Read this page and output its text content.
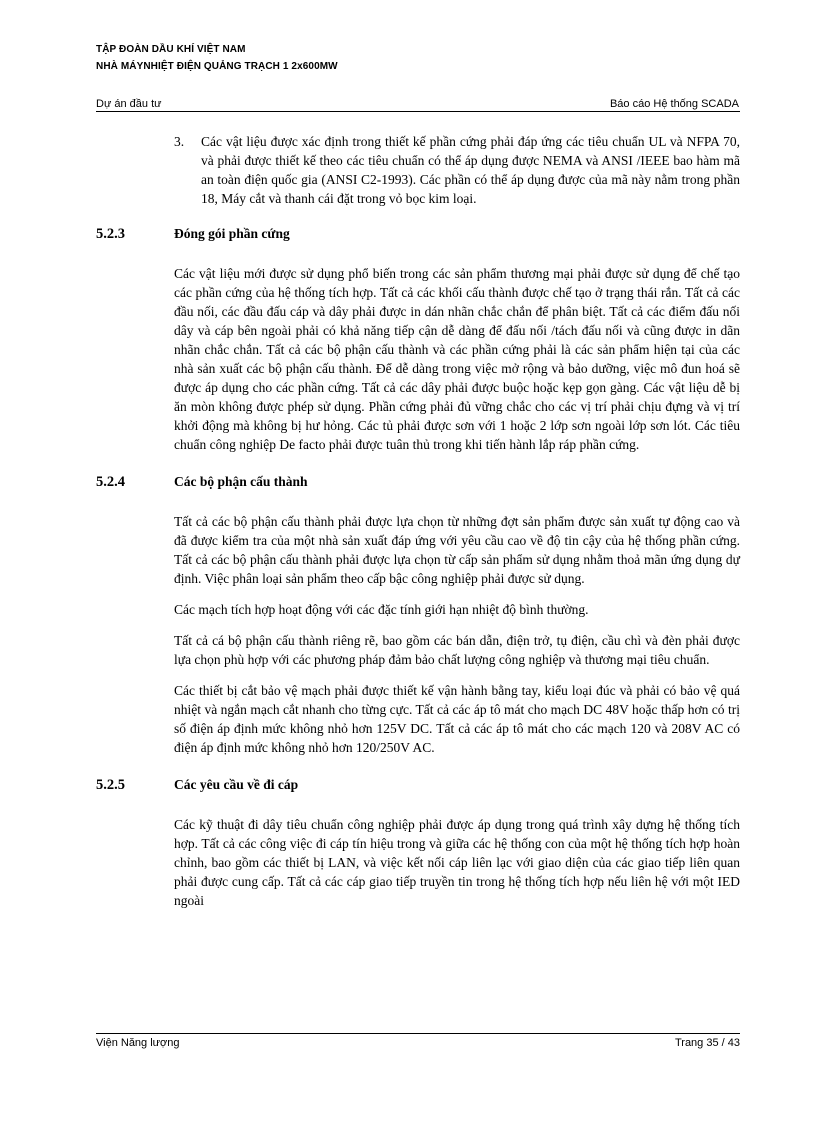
TẬP ĐOÀN DẦU KHÍ VIỆT NAM
NHÀ MÁYNHIỆT ĐIỆN QUẢNG TRẠCH 1 2x600MW
Dự án đầu tư	Báo cáo Hệ thống SCADA
3. Các vật liệu được xác định trong thiết kế phần cứng phải đáp ứng các tiêu chuẩn UL và NFPA 70, và phải được thiết kế theo các tiêu chuẩn có thể áp dụng được NEMA và ANSI /IEEE bao hàm mã an toàn điện quốc gia (ANSI C2-1993). Các phần có thể áp dụng được của mã này nằm trong phần 18, Máy cắt và thanh cái đặt trong vỏ bọc kim loại.
5.2.3	Đóng gói phần cứng

Các vật liệu mới được sử dụng phổ biến trong các sản phẩm thương mại phải được sử dụng để chế tạo các phần cứng của hệ thống tích hợp. Tất cả các khối cấu thành được chế tạo ở trạng thái rắn. Tất cả các đầu nối, các đầu đấu cáp và dây phải được in dán nhãn chắc chắn để phân biệt. Tất cả các điểm đấu nối dây và cáp bên ngoài phải có khả năng tiếp cận dễ dàng để đấu nối /tách đấu nối và cũng được in dãn nhãn chắc chắn. Tất cả các bộ phận cấu thành và các phần cứng phải là các sản phẩm hiện tại của các nhà sản xuất các bộ phận cấu thành. Để dễ dàng trong việc mở rộng và bảo dưỡng, việc mô đun hoá sẽ được áp dụng cho các phần cứng. Tất cả các dây phải được buộc hoặc kẹp gọn gàng. Các vật liệu dễ bị ăn mòn không được phép sử dụng. Phần cứng phải đủ vững chắc cho các vị trí phải chịu đựng và vị trí khởi động mà không bị hư hỏng. Các tủ phải được sơn với 1 hoặc 2 lớp sơn ngoài lớp sơn lót. Các tiêu chuẩn công nghiệp De facto phải được tuân thủ trong khi tiến hành lắp ráp phần cứng.

5.2.4	Các bộ phận cấu thành

Tất cả các bộ phận cấu thành phải được lựa chọn từ những đợt sản phẩm được sản xuất tự động cao và đã được kiểm tra của một nhà sản xuất đáp ứng với yêu cầu cao về độ tin cậy của hệ thống phần cứng. Tất cả các bộ phận cấu thành phải được lựa chọn từ cấp sản phẩm sử dụng nhằm thoả mãn ứng dụng dự định. Việc phân loại sản phẩm theo cấp bậc công nghiệp phải được sử dụng.

Các mạch tích hợp hoạt động với các đặc tính giới hạn nhiệt độ bình thường.

Tất cả cá bộ phận cấu thành riêng rẽ, bao gồm các bán dẫn, điện trở, tụ điện, cầu chì và đèn phải được lựa chọn phù hợp với các phương pháp đảm bảo chất lượng công nghiệp và thương mại tiêu chuẩn.

Các thiết bị cắt bảo vệ mạch phải được thiết kế vận hành bằng tay, kiểu loại đúc và phải có bảo vệ quá nhiệt và ngắn mạch cắt nhanh cho từng cực. Tất cả các áp tô mát cho mạch DC 48V hoặc thấp hơn có trị số điện áp định mức không nhỏ hơn 125V DC. Tất cả các áp tô mát cho các mạch 120 và 208V AC có điện áp định mức không nhỏ hơn 120/250V AC.

5.2.5	Các yêu cầu về đi cáp

Các kỹ thuật đi dây tiêu chuẩn công nghiệp phải được áp dụng trong quá trình xây dựng hệ thống tích hợp. Tất cả các công việc đi cáp tín hiệu trong và giữa các hệ thống con của một hệ thống tích hợp hoàn chỉnh, bao gồm các thiết bị LAN, và việc kết nối cáp liên lạc với giao diện của các giao tiếp liên quan phải được cung cấp. Tất cả các cáp giao tiếp truyền tin trong hệ thống tích hợp nếu liên hệ với một IED ngoài

Viện Năng lượng	Trang 35 / 43
